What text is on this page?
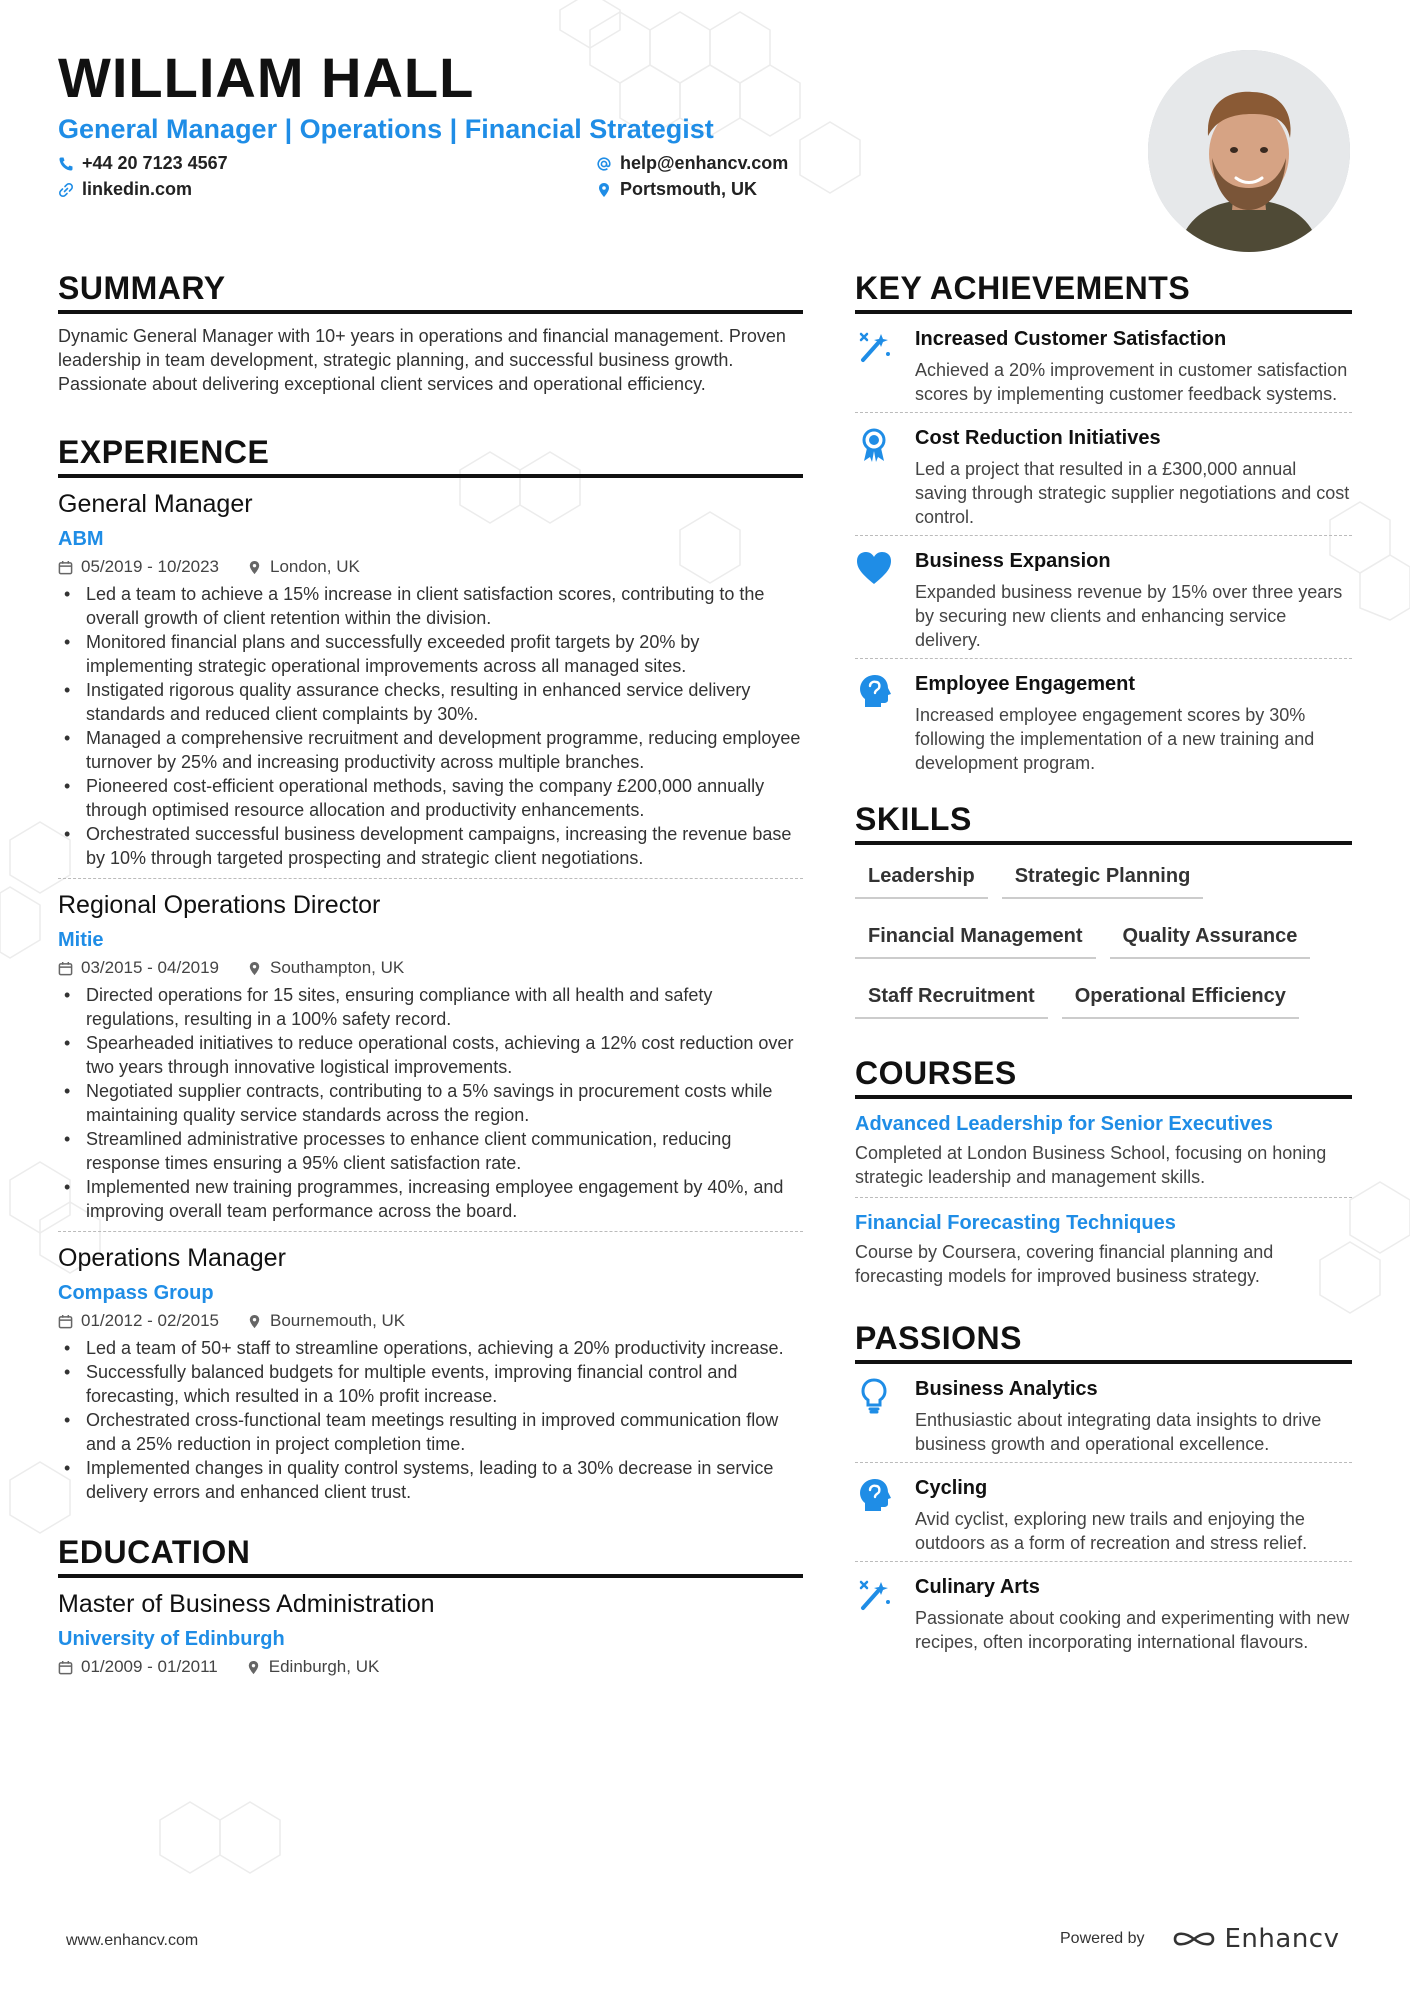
WILLIAM HALL
General Manager | Operations | Financial Strategist
+44 20 7123 4567	help@enhancv.com
linkedin.com	Portsmouth, UK
SUMMARY
Dynamic General Manager with 10+ years in operations and financial management. Proven leadership in team development, strategic planning, and successful business growth. Passionate about delivering exceptional client services and operational efficiency.
EXPERIENCE
General Manager
ABM
05/2019 - 10/2023	London, UK
• Led a team to achieve a 15% increase in client satisfaction scores, contributing to the overall growth of client retention within the division.
• Monitored financial plans and successfully exceeded profit targets by 20% by implementing strategic operational improvements across all managed sites.
• Instigated rigorous quality assurance checks, resulting in enhanced service delivery standards and reduced client complaints by 30%.
• Managed a comprehensive recruitment and development programme, reducing employee turnover by 25% and increasing productivity across multiple branches.
• Pioneered cost-efficient operational methods, saving the company £200,000 annually through optimised resource allocation and productivity enhancements.
• Orchestrated successful business development campaigns, increasing the revenue base by 10% through targeted prospecting and strategic client negotiations.
Regional Operations Director
Mitie
03/2015 - 04/2019	Southampton, UK
• Directed operations for 15 sites, ensuring compliance with all health and safety regulations, resulting in a 100% safety record.
• Spearheaded initiatives to reduce operational costs, achieving a 12% cost reduction over two years through innovative logistical improvements.
• Negotiated supplier contracts, contributing to a 5% savings in procurement costs while maintaining quality service standards across the region.
• Streamlined administrative processes to enhance client communication, reducing response times ensuring a 95% client satisfaction rate.
• Implemented new training programmes, increasing employee engagement by 40%, and improving overall team performance across the board.
Operations Manager
Compass Group
01/2012 - 02/2015	Bournemouth, UK
• Led a team of 50+ staff to streamline operations, achieving a 20% productivity increase.
• Successfully balanced budgets for multiple events, improving financial control and forecasting, which resulted in a 10% profit increase.
• Orchestrated cross-functional team meetings resulting in improved communication flow and a 25% reduction in project completion time.
• Implemented changes in quality control systems, leading to a 30% decrease in service delivery errors and enhanced client trust.
EDUCATION
Master of Business Administration
University of Edinburgh
01/2009 - 01/2011	Edinburgh, UK
KEY ACHIEVEMENTS
Increased Customer Satisfaction
Achieved a 20% improvement in customer satisfaction scores by implementing customer feedback systems.
Cost Reduction Initiatives
Led a project that resulted in a £300,000 annual saving through strategic supplier negotiations and cost control.
Business Expansion
Expanded business revenue by 15% over three years by securing new clients and enhancing service delivery.
Employee Engagement
Increased employee engagement scores by 30% following the implementation of a new training and development program.
SKILLS
Leadership	Strategic Planning
Financial Management	Quality Assurance
Staff Recruitment	Operational Efficiency
COURSES
Advanced Leadership for Senior Executives
Completed at London Business School, focusing on honing strategic leadership and management skills.
Financial Forecasting Techniques
Course by Coursera, covering financial planning and forecasting models for improved business strategy.
PASSIONS
Business Analytics
Enthusiastic about integrating data insights to drive business growth and operational excellence.
Cycling
Avid cyclist, exploring new trails and enjoying the outdoors as a form of recreation and stress relief.
Culinary Arts
Passionate about cooking and experimenting with new recipes, often incorporating international flavours.
www.enhancv.com	Powered by	Enhancv
